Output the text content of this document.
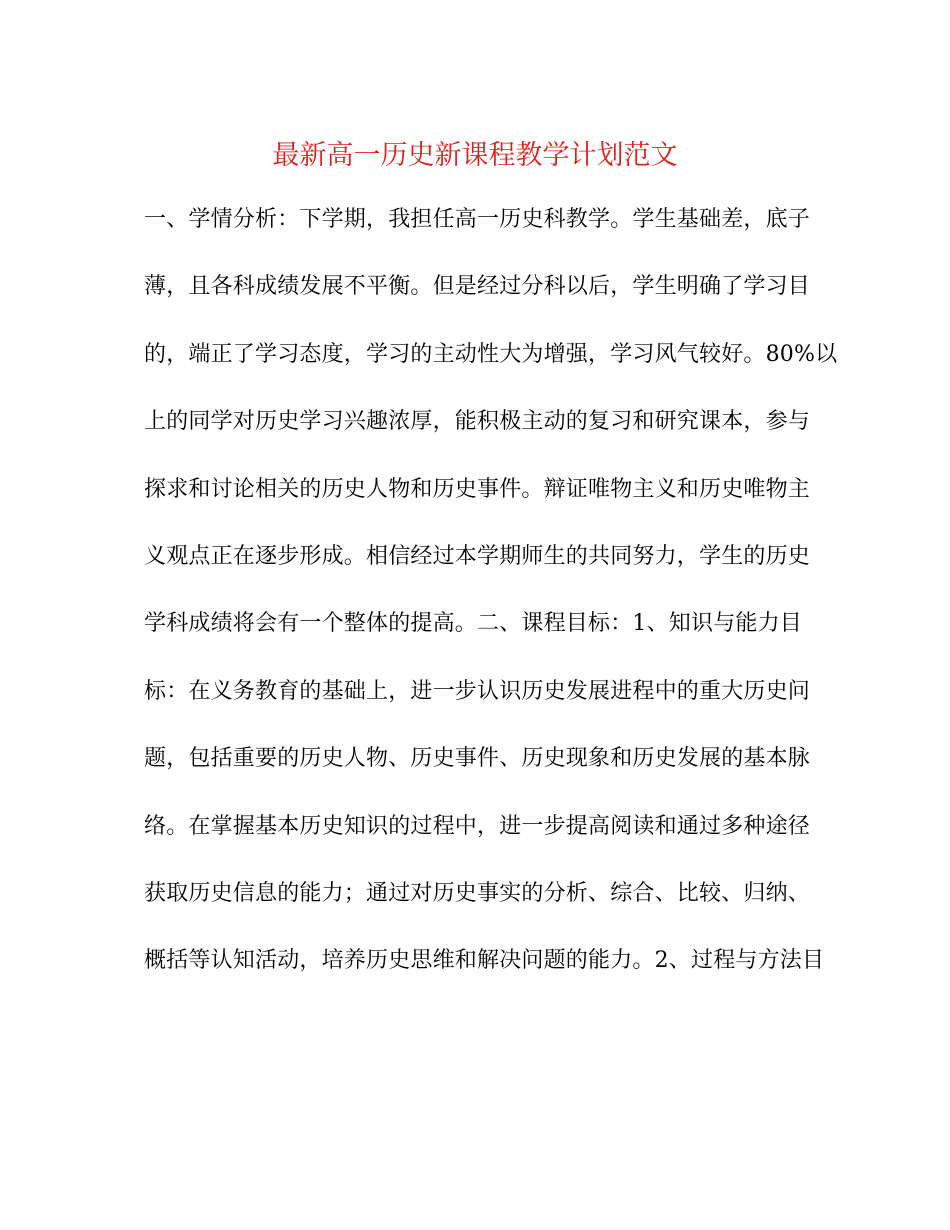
最新高一历史新课程教学计划范文
一、学情分析：下学期，我担任高一历史科教学。学生基础差，底子
薄，且各科成绩发展不平衡。但是经过分科以后，学生明确了学习目
的，端正了学习态度，学习的主动性大为增强，学习风气较好。80%以
上的同学对历史学习兴趣浓厚，能积极主动的复习和研究课本，参与
探求和讨论相关的历史人物和历史事件。辩证唯物主义和历史唯物主
义观点正在逐步形成。相信经过本学期师生的共同努力，学生的历史
学科成绩将会有一个整体的提高。二、课程目标：1、知识与能力目
标：在义务教育的基础上，进一步认识历史发展进程中的重大历史问
题，包括重要的历史人物、历史事件、历史现象和历史发展的基本脉
络。在掌握基本历史知识的过程中，进一步提高阅读和通过多种途径
获取历史信息的能力；通过对历史事实的分析、综合、比较、归纳、
概括等认知活动，培养历史思维和解决问题的能力。2、过程与方法目
